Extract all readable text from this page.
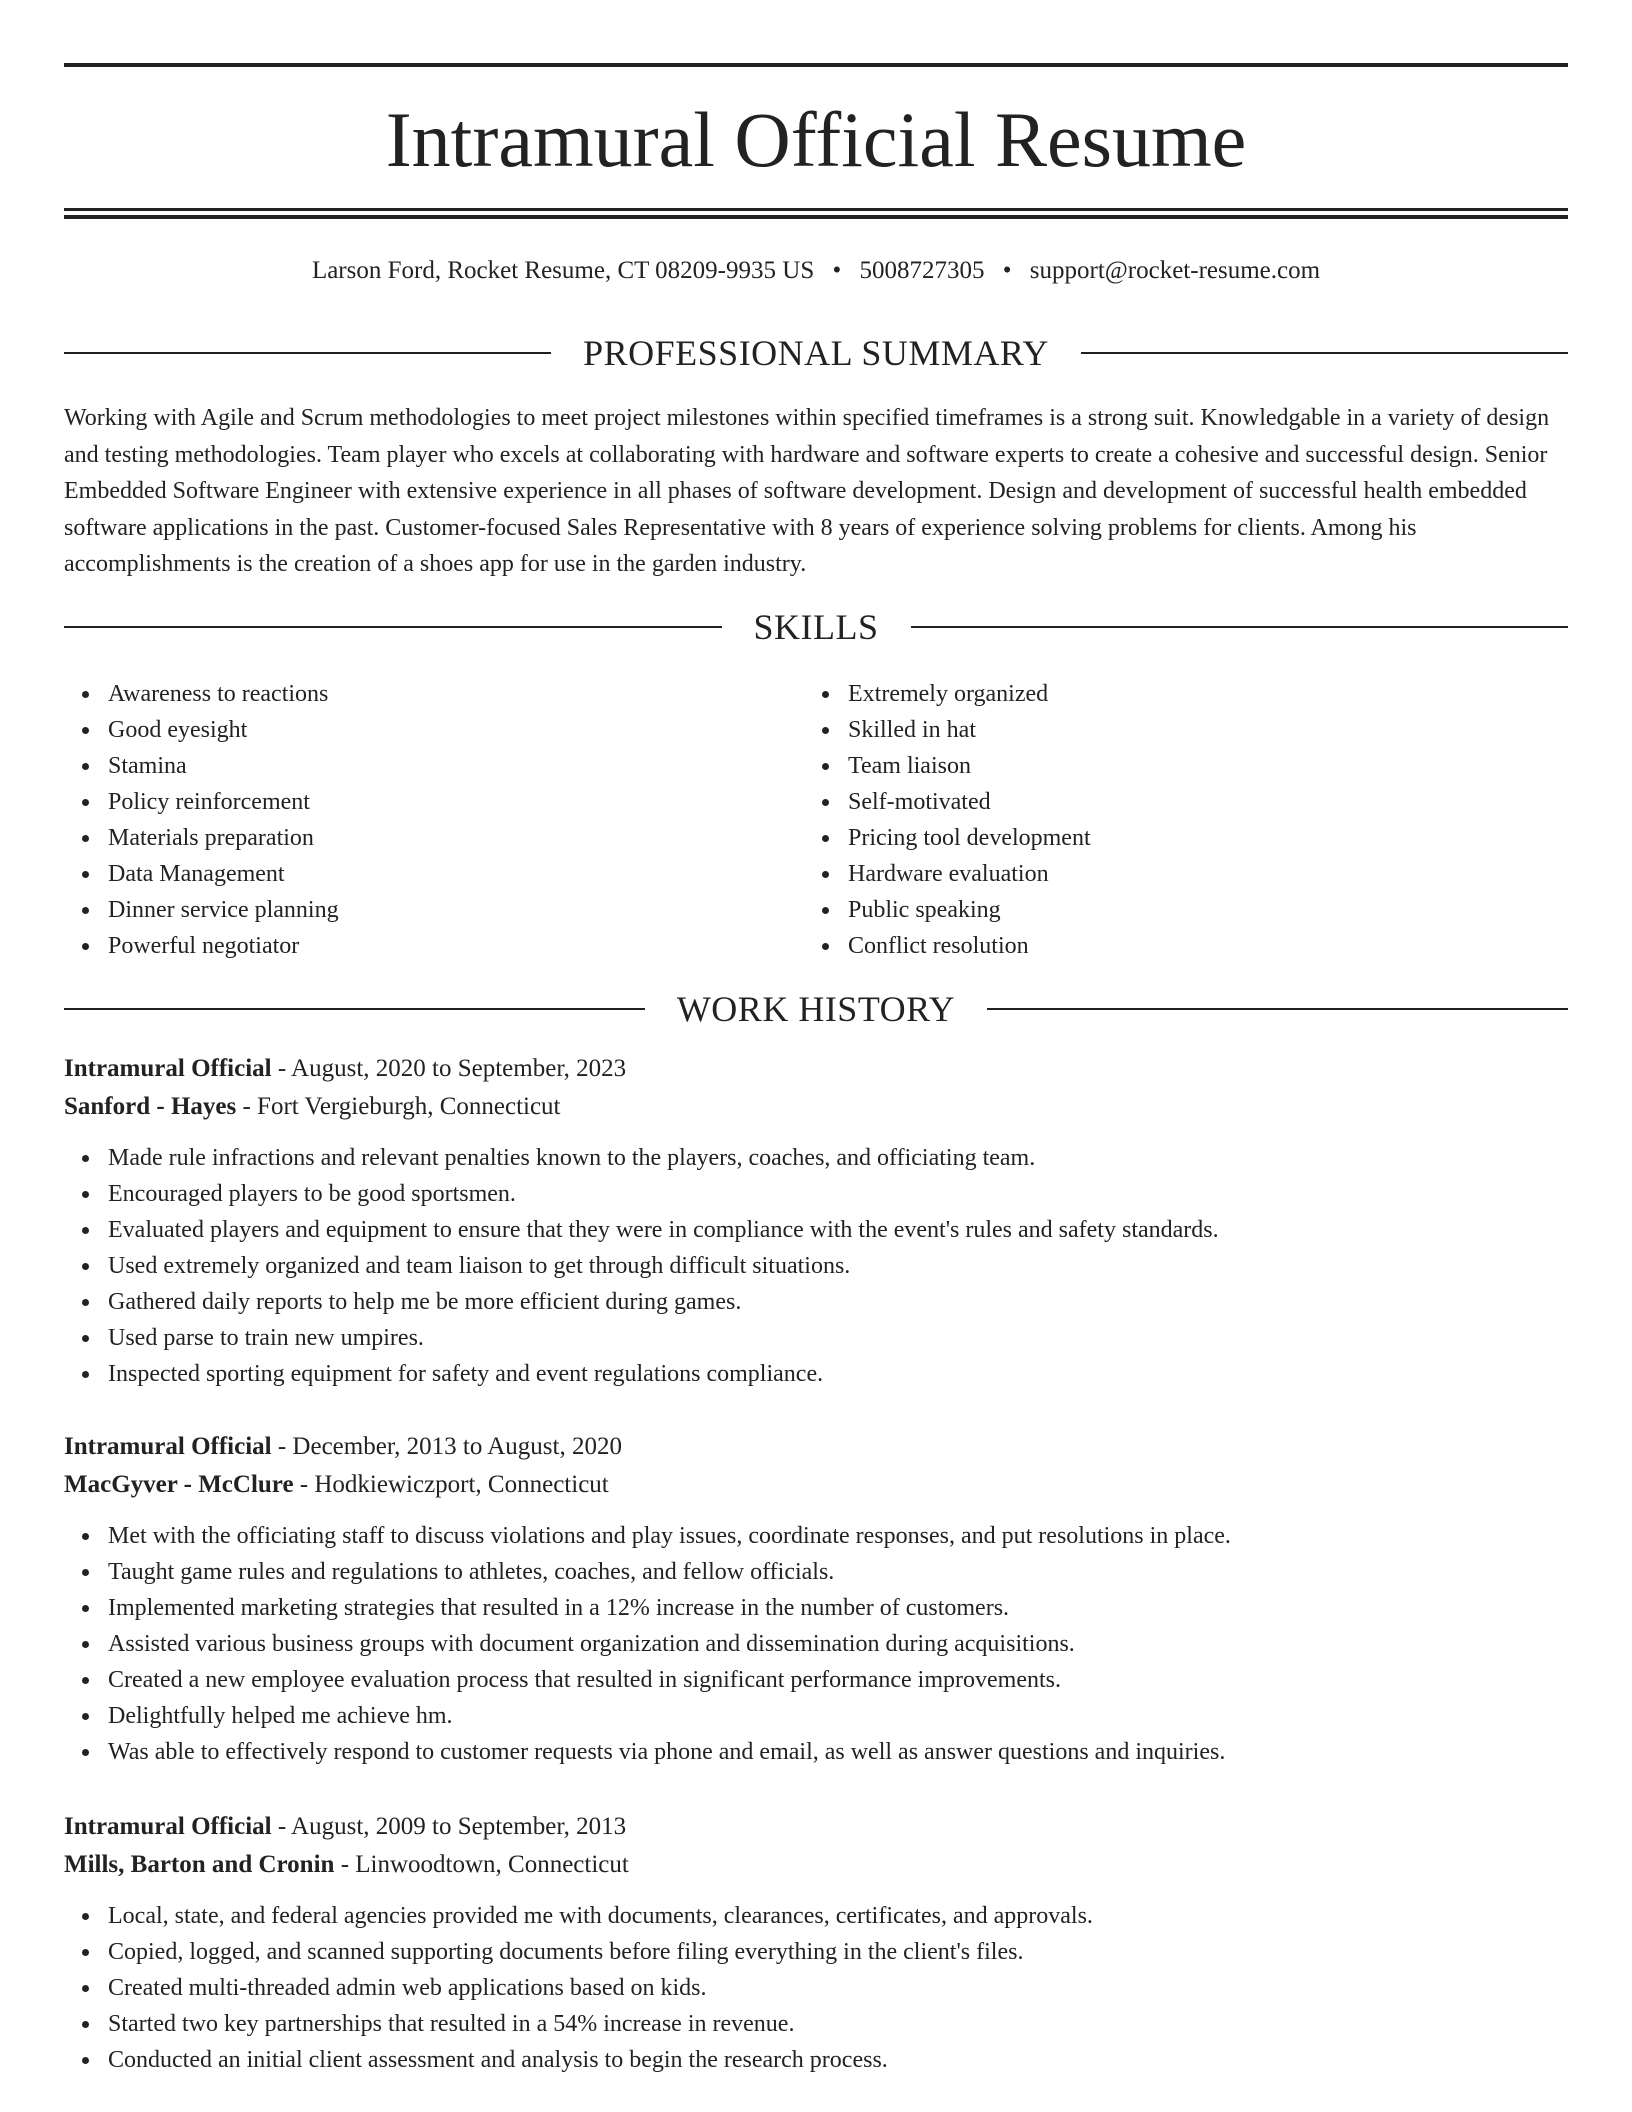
Intramural Official Resume
Larson Ford, Rocket Resume, CT 08209-9935 US • 5008727305 • support@rocket-resume.com
PROFESSIONAL SUMMARY

Working with Agile and Scrum methodologies to meet project milestones within specified timeframes is a strong suit. Knowledgable in a variety of design and testing methodologies. Team player who excels at collaborating with hardware and software experts to create a cohesive and successful design. Senior Embedded Software Engineer with extensive experience in all phases of software development. Design and development of successful health embedded software applications in the past. Customer-focused Sales Representative with 8 years of experience solving problems for clients. Among his accomplishments is the creation of a shoes app for use in the garden industry.

SKILLS
Awareness to reactions
Good eyesight
Stamina
Policy reinforcement
Materials preparation
Data Management
Dinner service planning
Powerful negotiator
Extremely organized
Skilled in hat
Team liaison
Self-motivated
Pricing tool development
Hardware evaluation
Public speaking
Conflict resolution
WORK HISTORY
Intramural Official - August, 2020 to September, 2023
Sanford - Hayes - Fort Vergieburgh, Connecticut
Made rule infractions and relevant penalties known to the players, coaches, and officiating team.
Encouraged players to be good sportsmen.
Evaluated players and equipment to ensure that they were in compliance with the event's rules and safety standards.
Used extremely organized and team liaison to get through difficult situations.
Gathered daily reports to help me be more efficient during games.
Used parse to train new umpires.
Inspected sporting equipment for safety and event regulations compliance.
Intramural Official - December, 2013 to August, 2020
MacGyver - McClure - Hodkiewiczport, Connecticut
Met with the officiating staff to discuss violations and play issues, coordinate responses, and put resolutions in place.
Taught game rules and regulations to athletes, coaches, and fellow officials.
Implemented marketing strategies that resulted in a 12% increase in the number of customers.
Assisted various business groups with document organization and dissemination during acquisitions.
Created a new employee evaluation process that resulted in significant performance improvements.
Delightfully helped me achieve hm.
Was able to effectively respond to customer requests via phone and email, as well as answer questions and inquiries.
Intramural Official - August, 2009 to September, 2013
Mills, Barton and Cronin - Linwoodtown, Connecticut
Local, state, and federal agencies provided me with documents, clearances, certificates, and approvals.
Copied, logged, and scanned supporting documents before filing everything in the client's files.
Created multi-threaded admin web applications based on kids.
Started two key partnerships that resulted in a 54% increase in revenue.
Conducted an initial client assessment and analysis to begin the research process.
